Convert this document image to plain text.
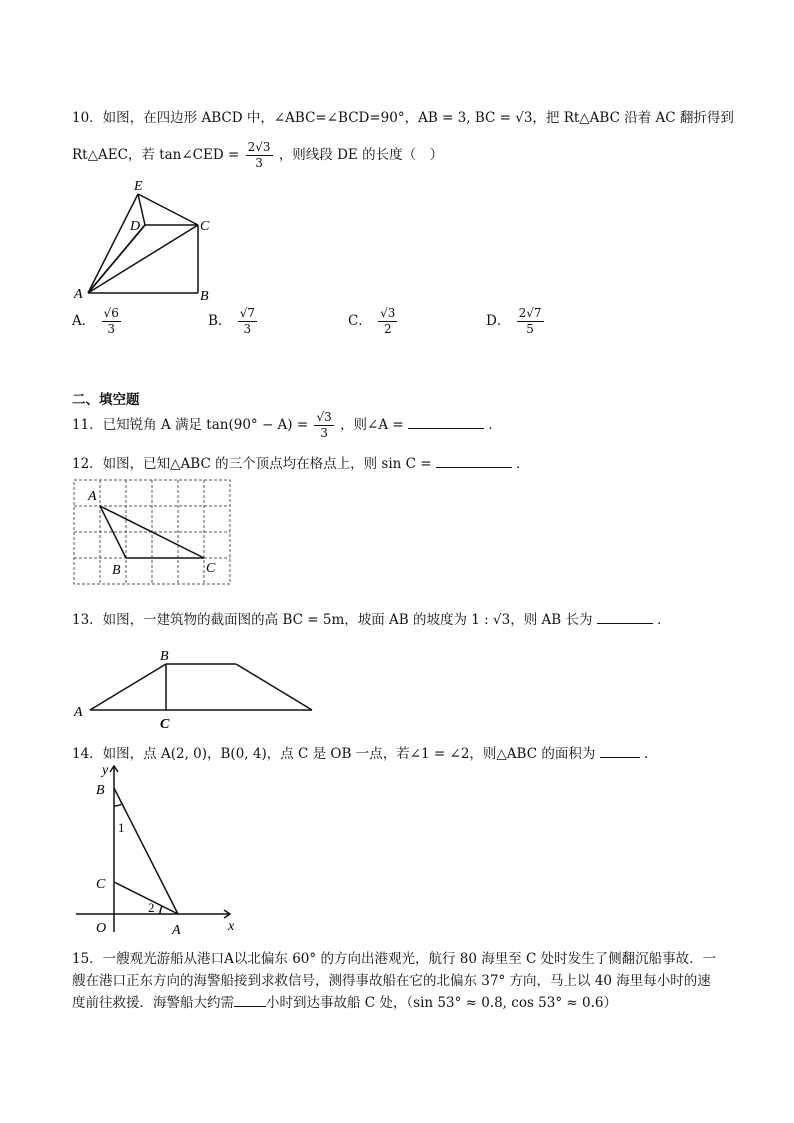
10．如图，在四边形 ABCD 中，∠ABC=∠BCD=90°，AB = 3, BC = √3，把 Rt△ABC 沿着 AC 翻折得到
Rt△AEC，若 tan∠CED = $\frac{2√3}{3}$ ，则线段 DE 的长度（　）
E
D	C
A	B
A． $\frac{√6}{3}$	B． $\frac{√7}{3}$	C． $\frac{√3}{2}$	D． $\frac{2√7}{5}$
二、填空题
11．已知锐角 A 满足 $\tan(90^\circ - A) = \frac{√3}{3}$ ，则∠A =	．
12．如图，已知△ABC 的三个顶点均在格点上，则 sin C =	．
A
B	C
13．如图，一建筑物的截面图的高 BC = 5m，坡面 AB 的坡度为 1 : √3，则 AB 长为	．
B
A
C
14．如图，点 A(2, 0)，B(0, 4)，点 C 是 OB 一点，若∠1 = ∠2，则△ABC 的面积为	．
y
x
B
C
O	A
1
2
15．一艘观光游船从港口A以北偏东 60° 的方向出港观光，航行 80 海里至 C 处时发生了侧翻沉船事故．一
艘在港口正东方向的海警船接到求救信号，测得事故船在它的北偏东 37° 方向，马上以 40 海里每小时的速
度前往救援．海警船大约需 小时到达事故船 C 处，（sin 53° ≈ 0.8, cos 53° ≈ 0.6）
